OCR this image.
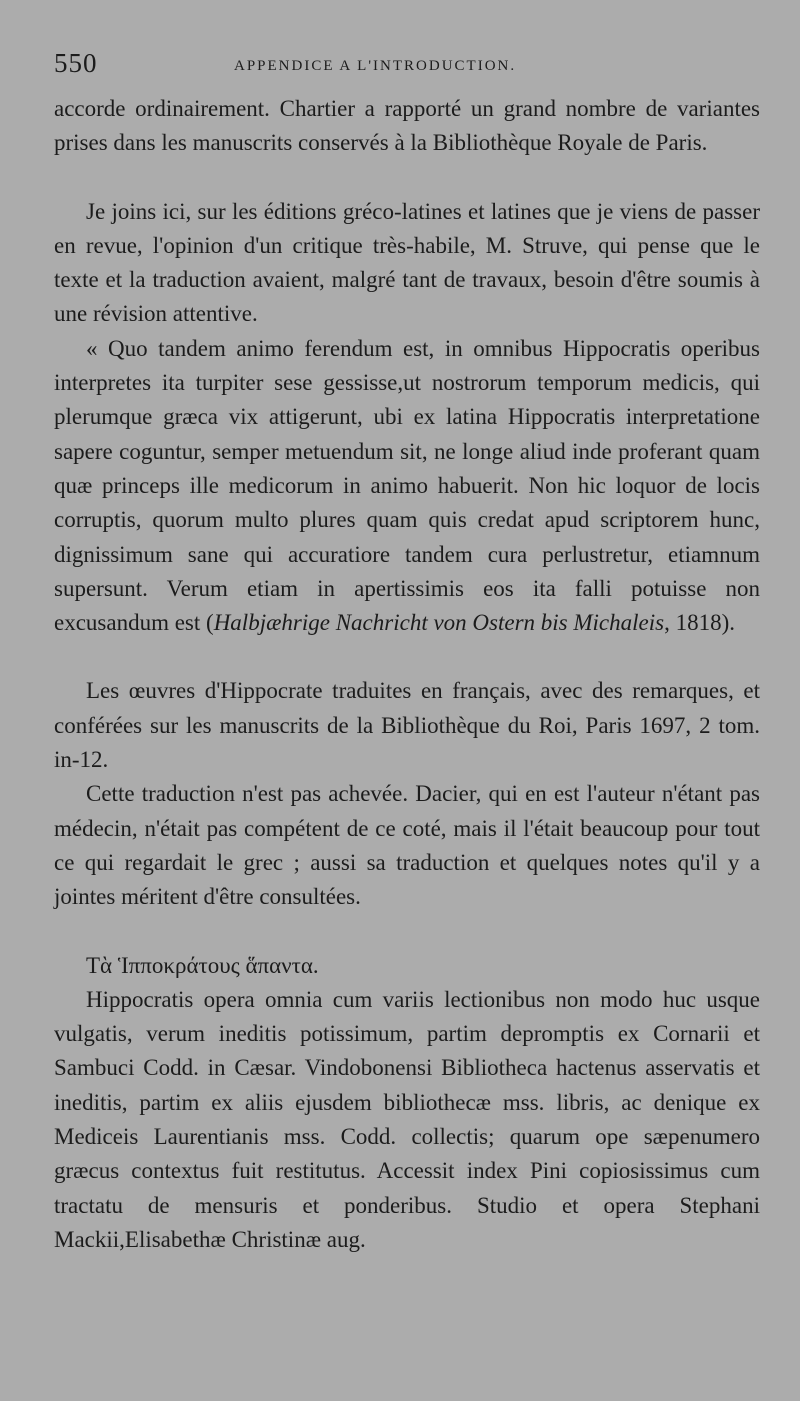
550	APPENDICE A L'INTRODUCTION.

accorde ordinairement. Chartier a rapporté un grand nombre de variantes prises dans les manuscrits conservés à la Bibliothèque Royale de Paris.

Je joins ici, sur les éditions gréco-latines et latines que je viens de passer en revue, l'opinion d'un critique très-habile, M. Struve, qui pense que le texte et la traduction avaient, malgré tant de travaux, besoin d'être soumis à une révision attentive.

« Quo tandem animo ferendum est, in omnibus Hippocratis operibus interpretes ita turpiter sese gessisse,ut nostrorum temporum medicis, qui plerumque græca vix attigerunt, ubi ex latina Hippocratis interpretatione sapere coguntur, semper metuendum sit, ne longe aliud inde proferant quam quæ princeps ille medicorum in animo habuerit. Non hic loquor de locis corruptis, quorum multo plures quam quis credat apud scriptorem hunc, dignissimum sane qui accuratiore tandem cura perlustretur, etiamnum supersunt. Verum etiam in apertissimis eos ita falli potuisse non excusandum est (Halbjæhrige Nachricht von Ostern bis Michaleis, 1818).

Les œuvres d'Hippocrate traduites en français, avec des remarques, et conférées sur les manuscrits de la Bibliothèque du Roi, Paris 1697, 2 tom. in-12.

Cette traduction n'est pas achevée. Dacier, qui en est l'auteur n'étant pas médecin, n'était pas compétent de ce coté, mais il l'était beaucoup pour tout ce qui regardait le grec ; aussi sa traduction et quelques notes qu'il y a jointes méritent d'être consultées.

Τὰ Ἱπποκράτους ἅπαντα.

Hippocratis opera omnia cum variis lectionibus non modo huc usque vulgatis, verum ineditis potissimum, partim depromptis ex Cornarii et Sambuci Codd. in Cæsar. Vindobonensi Bibliotheca hactenus asservatis et ineditis, partim ex aliis ejusdem bibliothecæ mss. libris, ac denique ex Mediceis Laurentianis mss. Codd. collectis; quarum ope sæpenumero græcus contextus fuit restitutus. Accessit index Pini copiosissimus cum tractatu de mensuris et ponderibus. Studio et opera Stephani Mackii,Elisabethæ Christinæ aug.
